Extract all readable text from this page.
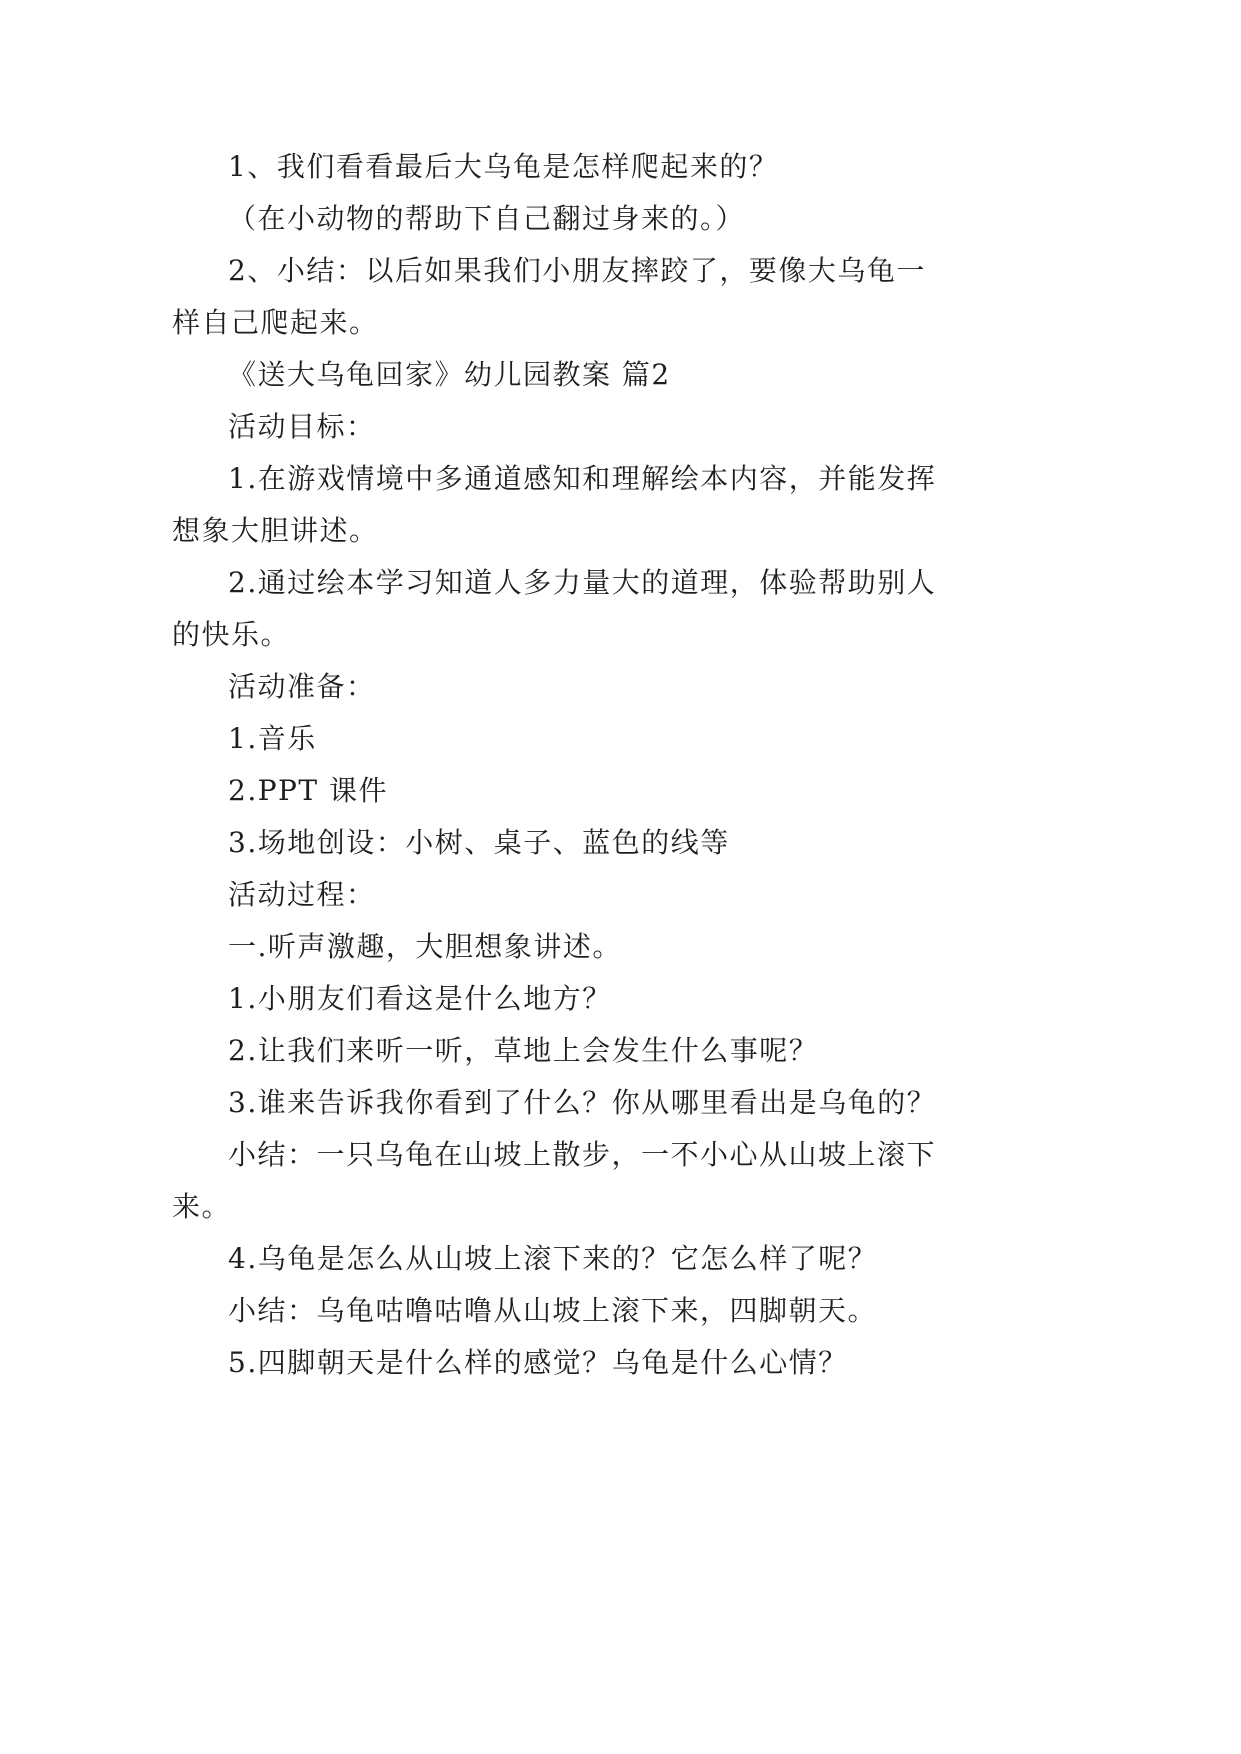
1、我们看看最后大乌龟是怎样爬起来的？
（在小动物的帮助下自己翻过身来的。）
2、小结：以后如果我们小朋友摔跤了，要像大乌龟一
样自己爬起来。
《送大乌龟回家》幼儿园教案 篇2
活动目标：
1.在游戏情境中多通道感知和理解绘本内容，并能发挥
想象大胆讲述。
2.通过绘本学习知道人多力量大的道理，体验帮助别人
的快乐。
活动准备：
1.音乐
2.PPT 课件
3.场地创设：小树、桌子、蓝色的线等
活动过程：
一.听声激趣，大胆想象讲述。
1.小朋友们看这是什么地方？
2.让我们来听一听，草地上会发生什么事呢？
3.谁来告诉我你看到了什么？你从哪里看出是乌龟的？
小结：一只乌龟在山坡上散步，一不小心从山坡上滚下
来。
4.乌龟是怎么从山坡上滚下来的？它怎么样了呢？
小结：乌龟咕噜咕噜从山坡上滚下来，四脚朝天。
5.四脚朝天是什么样的感觉？乌龟是什么心情？
